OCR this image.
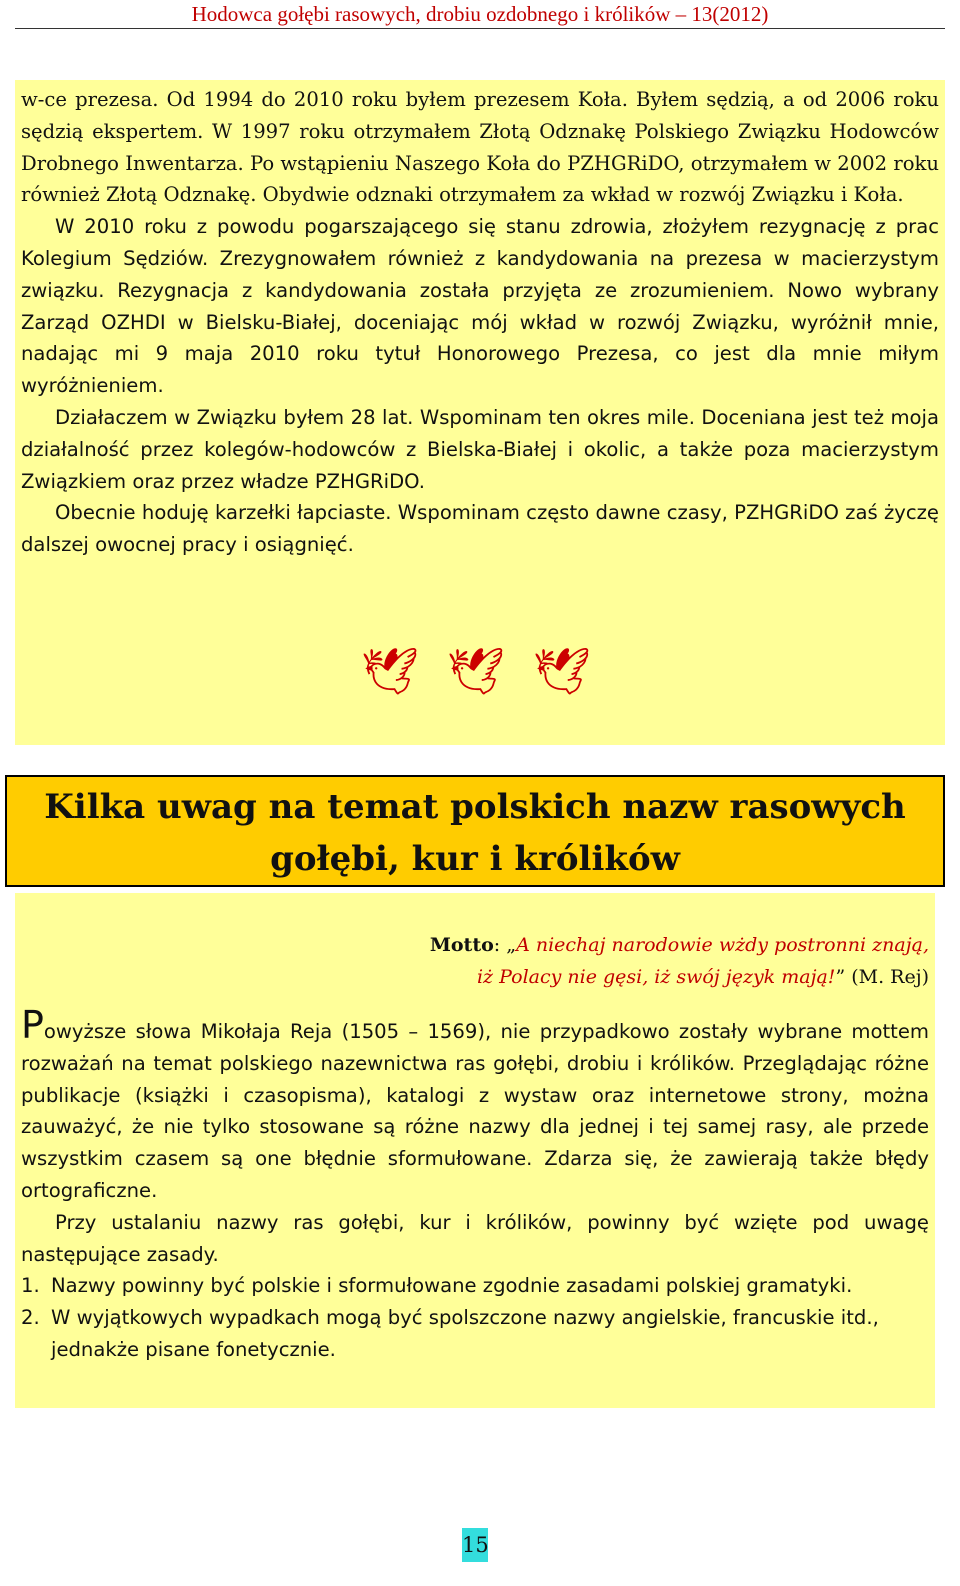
Hodowca gołębi rasowych, drobiu ozdobnego i królików – 13(2012)

w-ce prezesa. Od 1994 do 2010 roku byłem prezesem Koła. Byłem sędzią, a od 2006 roku sędzią ekspertem. W 1997 roku otrzymałem Złotą Odznakę Polskiego Związku Hodowców Drobnego Inwentarza. Po wstąpieniu Naszego Koła do PZHGRiDO, otrzymałem w 2002 roku również Złotą Odznakę. Obydwie odznaki otrzymałem za wkład w rozwój Związku i Koła.

W 2010 roku z powodu pogarszającego się stanu zdrowia, złożyłem rezygnację z prac Kolegium Sędziów. Zrezygnowałem również z kandydowania na prezesa w macierzystym związku. Rezygnacja z kandydowania została przyjęta ze zrozumieniem. Nowo wybrany Zarząd OZHDI w Bielsku-Białej, doceniając mój wkład w rozwój Związku, wyróżnił mnie, nadając mi 9 maja 2010 roku tytuł Honorowego Prezesa, co jest dla mnie miłym wyróżnieniem.

Działaczem w Związku byłem 28 lat. Wspominam ten okres mile. Doceniana jest też moja działalność przez kolegów-hodowców z Bielska-Białej i okolic, a także poza macierzystym Związkiem oraz przez władze PZHGRiDO.

Obecnie hoduję karzełki łapciaste. Wspominam często dawne czasy, PZHGRiDO zaś życzę dalszej owocnej pracy i osiągnięć.

🕊 🕊 🕊
Kilka uwag na temat polskich nazw rasowych
gołębi, kur i królików
Motto: „A niechaj narodowie wżdy postronni znają,
iż Polacy nie gęsi, iż swój język mają!” (M. Rej)

Powyższe słowa Mikołaja Reja (1505 – 1569), nie przypadkowo zostały wybrane mottem rozważań na temat polskiego nazewnictwa ras gołębi, drobiu i królików. Przeglądając różne publikacje (książki i czasopisma), katalogi z wystaw oraz internetowe strony, można zauważyć, że nie tylko stosowane są różne nazwy dla jednej i tej samej rasy, ale przede wszystkim czasem są one błędnie sformułowane. Zdarza się, że zawierają także błędy ortograficzne.

Przy ustalaniu nazwy ras gołębi, kur i królików, powinny być wzięte pod uwagę następujące zasady.

1. Nazwy powinny być polskie i sformułowane zgodnie zasadami polskiej gramatyki.
2. W wyjątkowych wypadkach mogą być spolszczone nazwy angielskie, francuskie itd., jednakże pisane fonetycznie.
15
